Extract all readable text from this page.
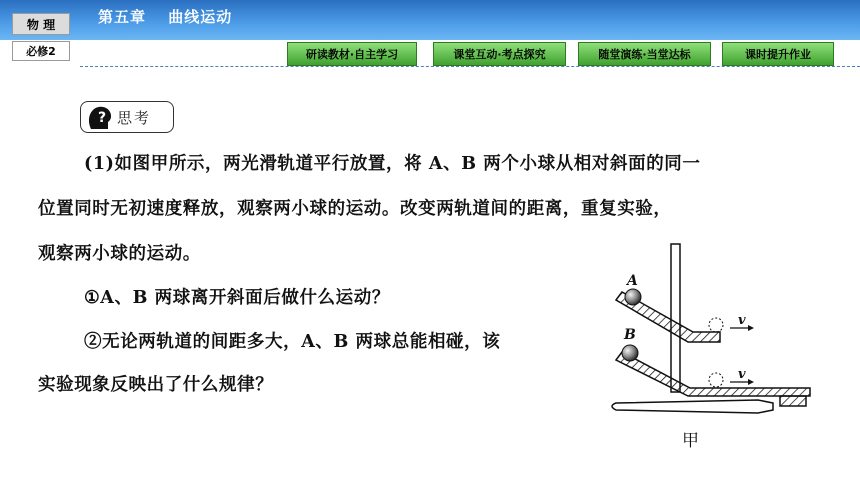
物 理
必修2
第五章　 曲线运动
研读教材·自主学习	课堂互动·考点探究	随堂演练·当堂达标	课时提升作业
? 思考
(1)如图甲所示，两光滑轨道平行放置，将 A、B 两个小球从相对斜面的同一
位置同时无初速度释放，观察两小球的运动。改变两轨道间的距离，重复实验，
观察两小球的运动。
①A、B 两球离开斜面后做什么运动？
②无论两轨道的间距多大，A、B 两球总能相碰，该
实验现象反映出了什么规律？
A
B
v
v
甲
